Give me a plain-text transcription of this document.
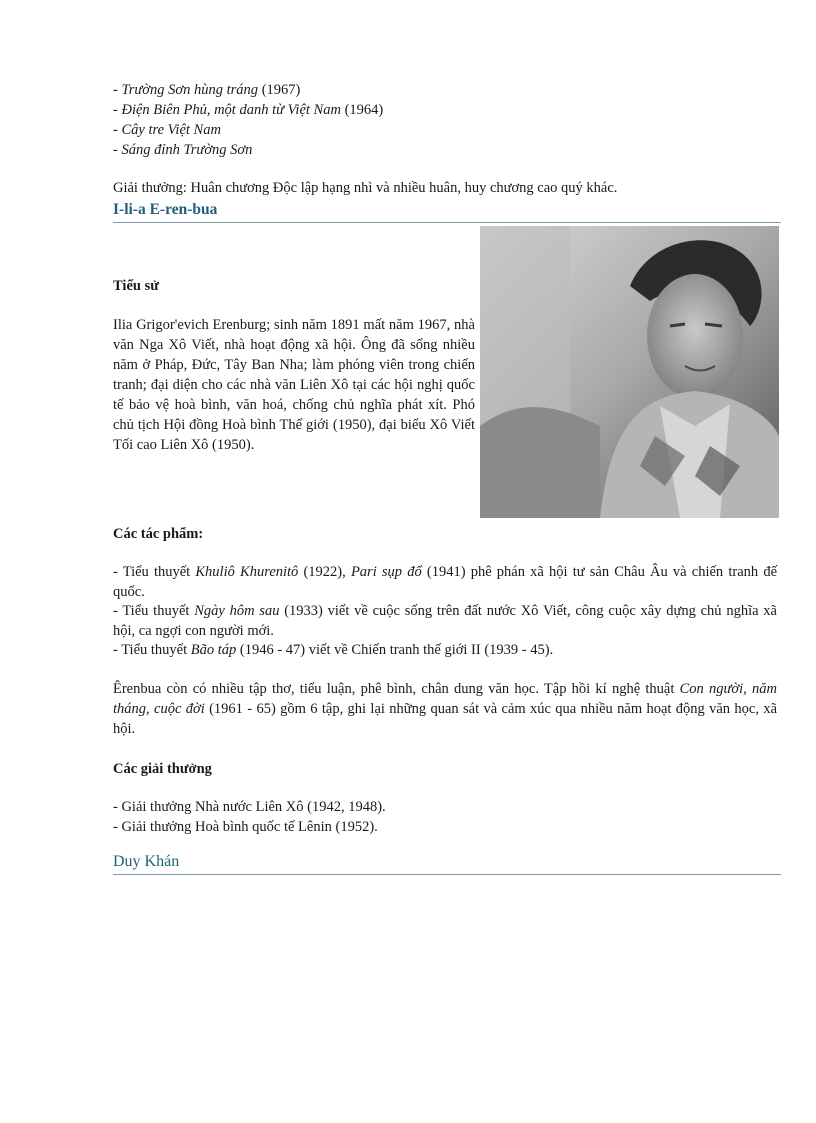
- Trường Sơn hùng tráng (1967)
- Điện Biên Phủ, một danh từ Việt Nam (1964)
- Cây tre Việt Nam
- Sáng đỉnh Trường Sơn
Giải thưởng: Huân chương Độc lập hạng nhì và nhiều huân, huy chương cao quý khác.
I-li-a E-ren-bua
Tiểu sử
Ilia Grigor'evich Erenburg; sinh năm 1891 mất năm 1967, nhà văn Nga Xô Viết, nhà hoạt động xã hội. Ông đã sống nhiều năm ở Pháp, Đức, Tây Ban Nha; làm phóng viên trong chiến tranh; đại diện cho các nhà văn Liên Xô tại các hội nghị quốc tế bảo vệ hoà bình, văn hoá, chống chủ nghĩa phát xít. Phó chủ tịch Hội đồng Hoà bình Thế giới (1950), đại biểu Xô Viết Tối cao Liên Xô (1950).
Các tác phẩm:
- Tiểu thuyết Khuliô Khurenitô (1922), Pari sụp đổ (1941) phê phán xã hội tư sản Châu Âu và chiến tranh đế quốc.
- Tiểu thuyết Ngày hôm sau (1933) viết về cuộc sống trên đất nước Xô Viết, công cuộc xây dựng chủ nghĩa xã hội, ca ngợi con người mới.
- Tiểu thuyết Bão táp (1946 - 47) viết về Chiến tranh thế giới II (1939 - 45).
Êrenbua còn có nhiều tập thơ, tiểu luận, phê bình, chân dung văn học. Tập hồi kí nghệ thuật Con người, năm tháng, cuộc đời (1961 - 65) gồm 6 tập, ghi lại những quan sát và cảm xúc qua nhiều năm hoạt động văn học, xã hội.
Các giải thưởng
- Giải thưởng Nhà nước Liên Xô (1942, 1948).
- Giải thưởng Hoà bình quốc tế Lênin (1952).
Duy Khán
